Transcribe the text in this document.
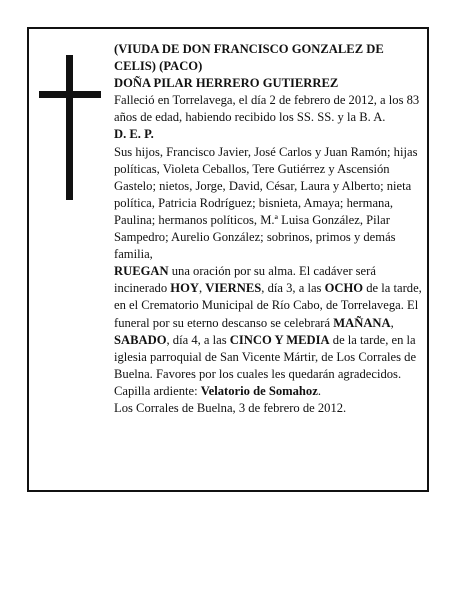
(VIUDA DE DON FRANCISCO GONZALEZ DE CELIS) (PACO)

DOÑA PILAR HERRERO GUTIERREZ

Falleció en Torrelavega, el día 2 de febrero de 2012, a los 83 años de edad, habiendo recibido los SS. SS. y la B. A.

D. E. P.

Sus hijos, Francisco Javier, José Carlos y Juan Ramón; hijas políticas, Violeta Ceballos, Tere Gutiérrez y Ascensión Gastelo; nietos, Jorge, David, César, Laura y Alberto; nieta política, Patricia Rodríguez; bisnieta, Amaya; hermana, Paulina; hermanos políticos, M.ª Luisa González, Pilar Sampedro; Aurelio González; sobrinos, primos y demás familia,

RUEGAN una oración por su alma. El cadáver será incinerado HOY, VIERNES, día 3, a las OCHO de la tarde, en el Crematorio Municipal de Río Cabo, de Torrelavega. El funeral por su eterno descanso se celebrará MAÑANA, SABADO, día 4, a las CINCO Y MEDIA de la tarde, en la iglesia parroquial de San Vicente Mártir, de Los Corrales de Buelna. Favores por los cuales les quedarán agradecidos. Capilla ardiente: Velatorio de Somahoz.

Los Corrales de Buelna, 3 de febrero de 2012.
